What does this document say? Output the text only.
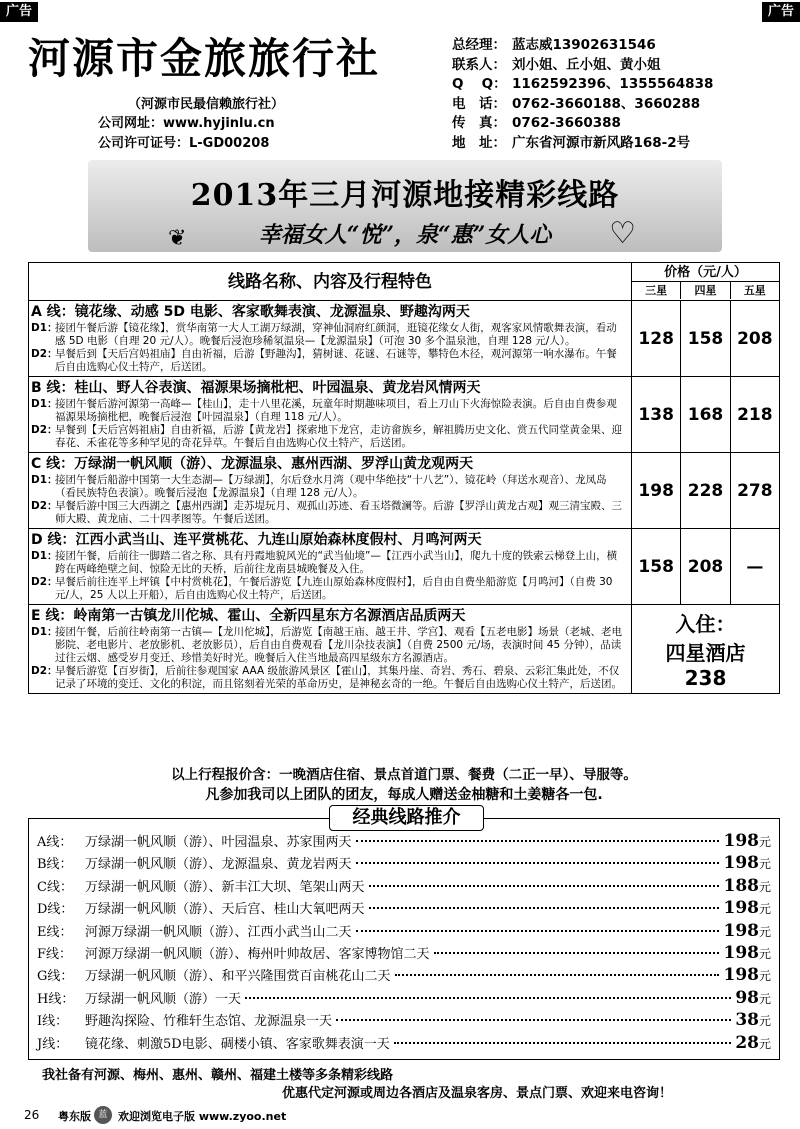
广告	广告
河源市金旅旅行社
（河源市民最信赖旅行社）
公司网址：www.hyjinlu.cn
公司许可证号：L-GD00208
总经理： 蓝志威13902631546
联系人： 刘小姐、丘小姐、黄小姐
Q　 Q： 1162592396、1355564838
电　话： 0762-3660188、3660288
传　真： 0762-3660388
地　址： 广东省河源市新风路168-2号
2013年三月河源地接精彩线路
❦	幸福女人“悦”，泉“惠”女人心	♡
线路名称、内容及行程特色	价格（元/人）
三星	四星	五星
A 线：镜花缘、动感 5D 电影、客家歌舞表演、龙源温泉、野趣沟两天
D1：
接团午餐后游【镜花缘】，赏华南第一大人工湖万绿湖，穿神仙洞府红颜洞，逛镜花缘女人街，观客家风情歌舞表演，看动感 5D 电影（自理 20 元/人）。晚餐后浸泡珍稀氡温泉—【龙源温泉】（可泡 30 多个温泉池，自理 128 元/人）。
D2：
早餐后到【天后宫妈祖庙】自由祈福，后游【野趣沟】，猜树谜、花谜、石谜等，攀特色木径，观河源第一响水瀑布。午餐后自由选购心仪土特产，后送团。
128 158 208
B 线：桂山、野人谷表演、福源果场摘枇杷、叶园温泉、黄龙岩风情两天
D1：
接团午餐后游河源第一高峰—【桂山】，走十八里花溪，玩童年时期趣味项目，看上刀山下火海惊险表演。后自由自费参观福源果场摘枇杷，晚餐后浸泡【叶园温泉】（自理 118 元/人）。
D2：
早餐到【天后宫妈祖庙】自由祈福，后游【黄龙岩】探索地下龙宫，走访畲族乡，解祖腾历史文化、赏五代同堂黄金果、迎春花、禾雀花等多种罕见的奇花异草。午餐后自由选购心仪土特产，后送团。
138 168 218
C 线：万绿湖一帆风顺（游）、龙源温泉、惠州西湖、罗浮山黄龙观两天
D1：
接团午餐后船游中国第一大生态湖—【万绿湖】，尔后登水月湾（观中华绝技“十八艺”）、镜花岭（拜送水观音）、龙凤岛（看民族特色表演）。晚餐后浸泡【龙源温泉】（自理 128 元/人）。
D2：
早餐后游中国三大西湖之【惠州西湖】走苏堤玩月、观孤山苏迹、看玉塔微澜等。后游【罗浮山黄龙古观】观三清宝殿、三师大殿、黄龙庙、二十四孝图等。午餐后送团。
198 228 278
D 线：江西小武当山、连平赏桃花、九连山原始森林度假村、月鸣河两天
D1：
接团午餐，后前往一脚踏二省之称、具有丹霞地貌风光的“武当仙境”—【江西小武当山】，爬九十度的铁索云梯登上山，横跨在两峰绝壁之间、惊险无比的天桥，后前往龙南县城晚餐及入住。
D2：
早餐后前往连平上坪镇【中村赏桃花】，午餐后游览【九连山原始森林度假村】，后自由自费坐船游览【月鸣河】（自费 30 元/人，25 人以上开船），后自由选购心仪土特产，后送团。
158 208	—
E 线：岭南第一古镇龙川佗城、霍山、全新四星东方名源酒店品质两天
D1：
接团午餐，后前往岭南第一古镇—【龙川佗城】，后游览【南越王庙、越王井、学宫】、观看【五老电影】场景（老城、老电影院、老电影片、老放影机、老放影员），后自由自费观看【龙川杂技表演】（自费 2500 元/场，表演时间 45 分钟），品读过往云烟、感受岁月变迁、珍惜美好时光。晚餐后入住当地最高四星级东方名源酒店。
D2：
早餐后游览【百岁街】，后前往参观国家 AAA 级旅游风景区【霍山】，其集丹崖、奇岩、秀石、碧泉、云彩汇集此处，不仅记录了环境的变迁、文化的积淀，而且铭刻着光荣的革命历史，是神秘玄奇的一绝。午餐后自由选购心仪土特产，后送团。
入住：
四星酒店
238
以上行程报价含：一晚酒店住宿、景点首道门票、餐费（二正一早）、导服等。
凡参加我司以上团队的团友，每成人赠送金柚糖和土姜糖各一包.
经典线路推介
A线： 万绿湖一帆风顺（游）、叶园温泉、苏家围两天	198 元
B线： 万绿湖一帆风顺（游）、龙源温泉、黄龙岩两天	198 元
C线： 万绿湖一帆风顺（游）、新丰江大坝、笔架山两天	188 元
D线： 万绿湖一帆风顺（游）、天后宫、桂山大氧吧两天	198 元
E线： 河源万绿湖一帆风顺（游）、江西小武当山二天	198 元
F线： 河源万绿湖一帆风顺（游）、梅州叶帅故居、客家博物馆二天	198 元
G线： 万绿湖一帆风顺（游）、和平兴隆围赏百亩桃花山二天	198 元
H线： 万绿湖一帆风顺（游）一天	98 元
I线：	野趣沟探险、竹稚轩生态馆、龙源温泉一天	38 元
J线：	镜花缘、刺激5D电影、碉楼小镇、客家歌舞表演一天	28 元
我社备有河源、梅州、惠州、赣州、福建土楼等多条精彩线路
优惠代定河源或周边各酒店及温泉客房、景点门票、欢迎来电咨询！
26 粤东版 蓝 欢迎浏览电子版 www.zyoo.net
